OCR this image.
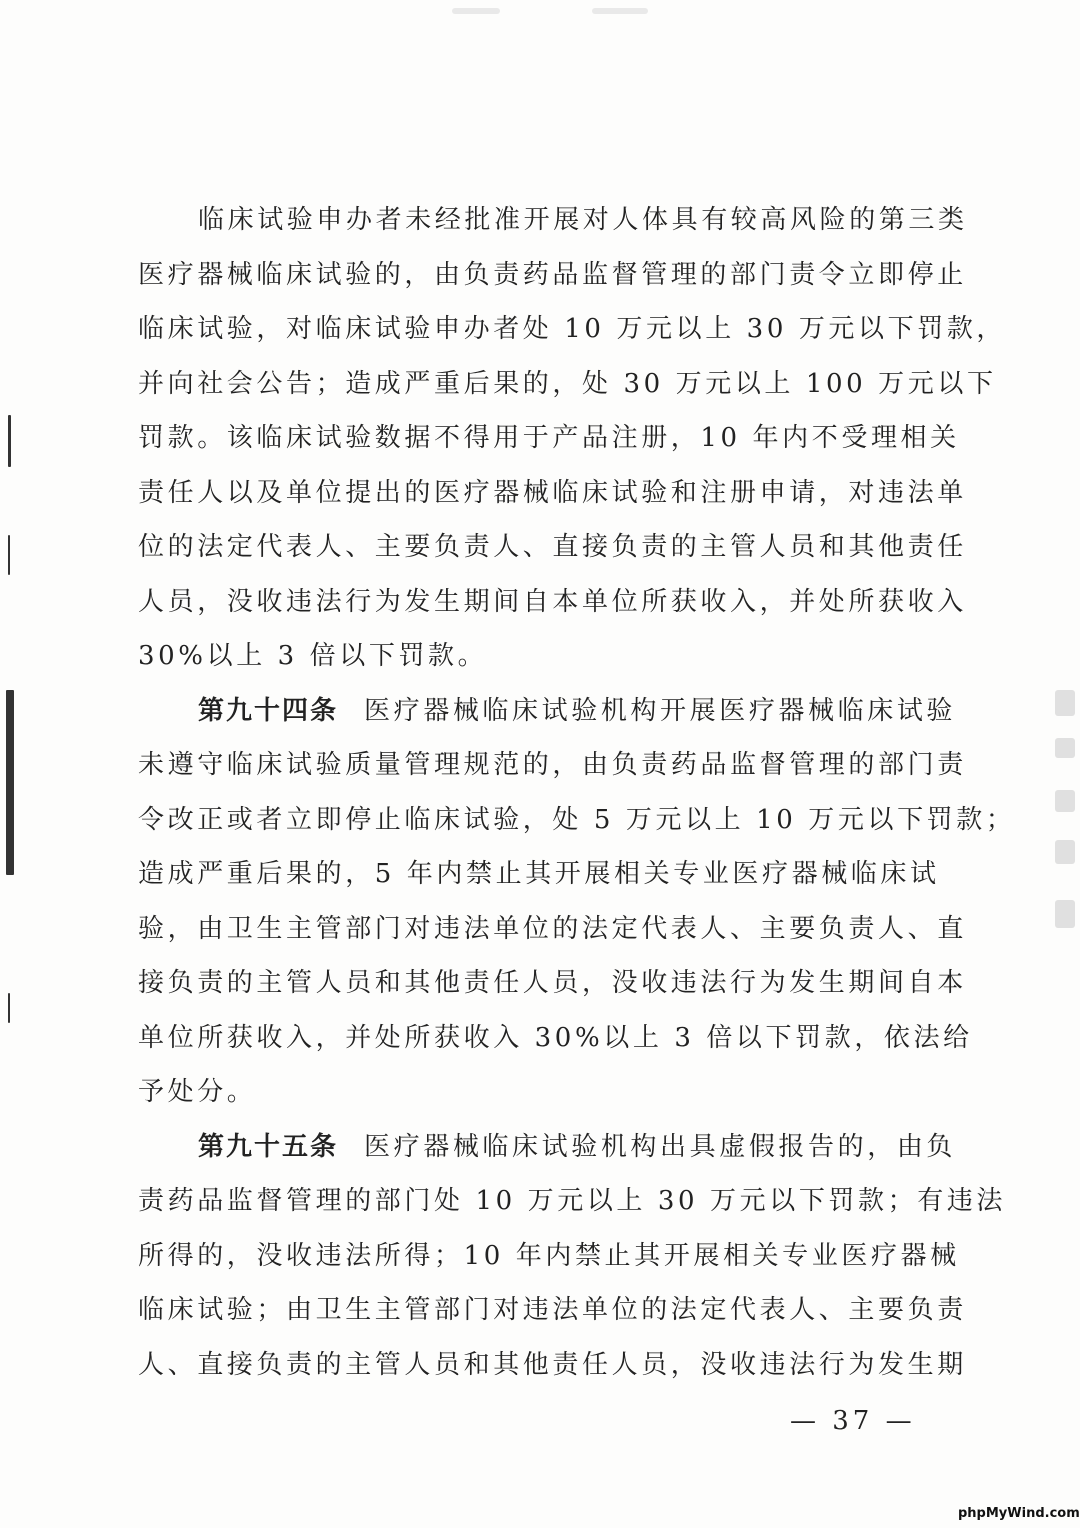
临床试验申办者未经批准开展对人体具有较高风险的第三类
医疗器械临床试验的，由负责药品监督管理的部门责令立即停止
临床试验，对临床试验申办者处 10 万元以上 30 万元以下罚款，
并向社会公告；造成严重后果的，处 30 万元以上 100 万元以下
罚款。该临床试验数据不得用于产品注册，10 年内不受理相关
责任人以及单位提出的医疗器械临床试验和注册申请，对违法单
位的法定代表人、主要负责人、直接负责的主管人员和其他责任
人员，没收违法行为发生期间自本单位所获收入，并处所获收入
30%以上 3 倍以下罚款。
第九十四条 医疗器械临床试验机构开展医疗器械临床试验
未遵守临床试验质量管理规范的，由负责药品监督管理的部门责
令改正或者立即停止临床试验，处 5 万元以上 10 万元以下罚款；
造成严重后果的，5 年内禁止其开展相关专业医疗器械临床试
验，由卫生主管部门对违法单位的法定代表人、主要负责人、直
接负责的主管人员和其他责任人员，没收违法行为发生期间自本
单位所获收入，并处所获收入 30%以上 3 倍以下罚款，依法给
予处分。
第九十五条 医疗器械临床试验机构出具虚假报告的，由负
责药品监督管理的部门处 10 万元以上 30 万元以下罚款；有违法
所得的，没收违法所得；10 年内禁止其开展相关专业医疗器械
临床试验；由卫生主管部门对违法单位的法定代表人、主要负责
人、直接负责的主管人员和其他责任人员，没收违法行为发生期
— 37 —
phpMyWind.com
